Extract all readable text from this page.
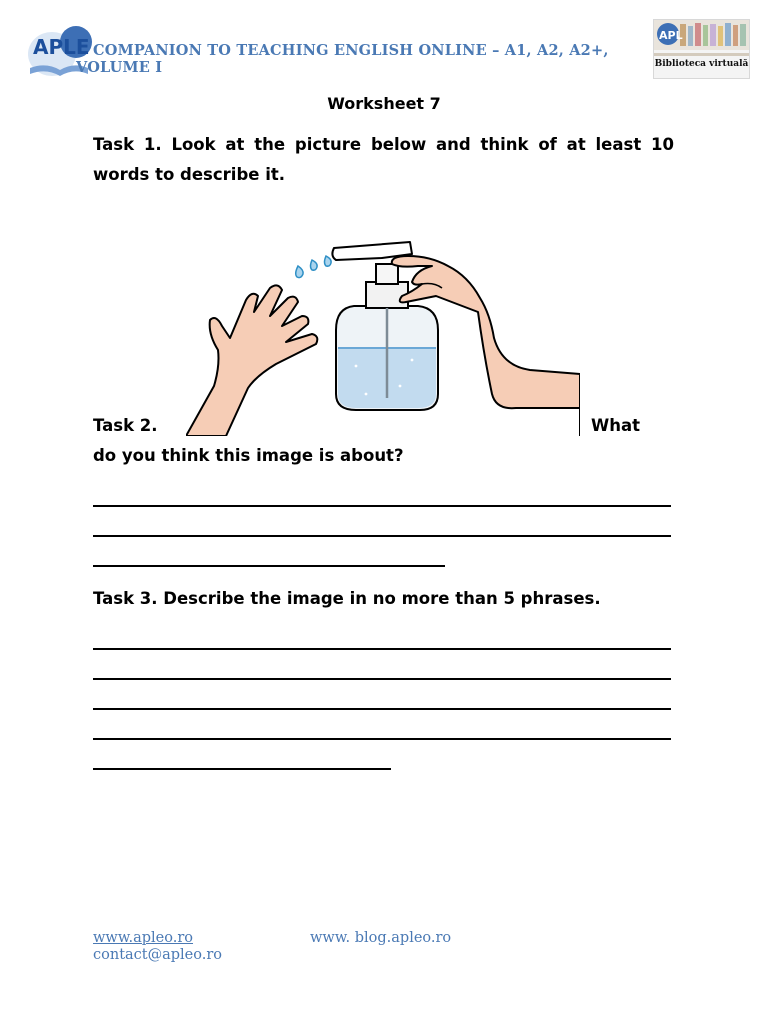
APLE COMPANION TO TEACHING ENGLISH ONLINE – A1, A2, A2+, VOLUME I
APL
Biblioteca virtuală
Worksheet 7
Task 1. Look at the picture below and think of at least 10 words to describe it.
Task 2.	What
do you think this image is about?
Task 3. Describe the image in no more than 5 phrases.
www.apleo.ro	www. blog.apleo.ro
contact@apleo.ro
